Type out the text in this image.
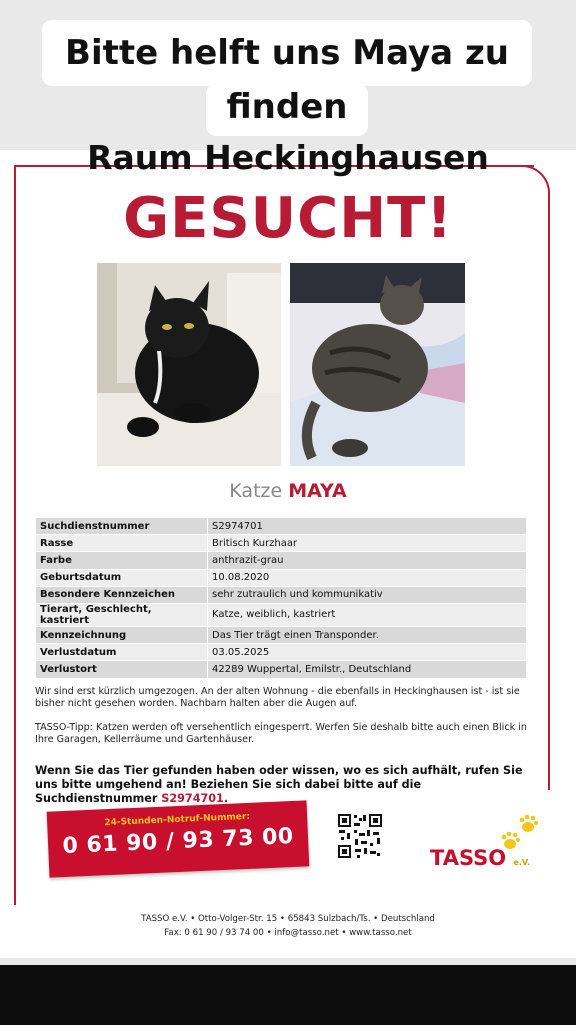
Bitte helft uns Maya zu
finden
Raum Heckinghausen
GESUCHT!
Katze MAYA
Suchdienstnummer	S2974701
Rasse	Britisch Kurzhaar
Farbe	anthrazit-grau
Geburtsdatum	10.08.2020
Besondere Kennzeichen	sehr zutraulich und kommunikativ
Tierart, Geschlecht, kastriert	Katze, weiblich, kastriert
Kennzeichnung	Das Tier trägt einen Transponder.
Verlustdatum	03.05.2025
Verlustort	42289 Wuppertal, Emilstr., Deutschland
Wir sind erst kürzlich umgezogen. An der alten Wohnung - die ebenfalls in Heckinghausen ist - ist sie bisher nicht gesehen worden. Nachbarn halten aber die Augen auf.
TASSO-Tipp: Katzen werden oft versehentlich eingesperrt. Werfen Sie deshalb bitte auch einen Blick in Ihre Garagen, Kellerräume und Gartenhäuser.
Wenn Sie das Tier gefunden haben oder wissen, wo es sich aufhält, rufen Sie uns bitte umgehend an! Beziehen Sie sich dabei bitte auf die Suchdienstnummer S2974701.
24-Stunden-Notruf-Nummer:
0 61 90 / 93 73 00	TASSO e.V.
TASSO e.V. • Otto-Volger-Str. 15 • 65843 Sulzbach/Ts. • Deutschland
Fax: 0 61 90 / 93 74 00 • info@tasso.net • www.tasso.net
